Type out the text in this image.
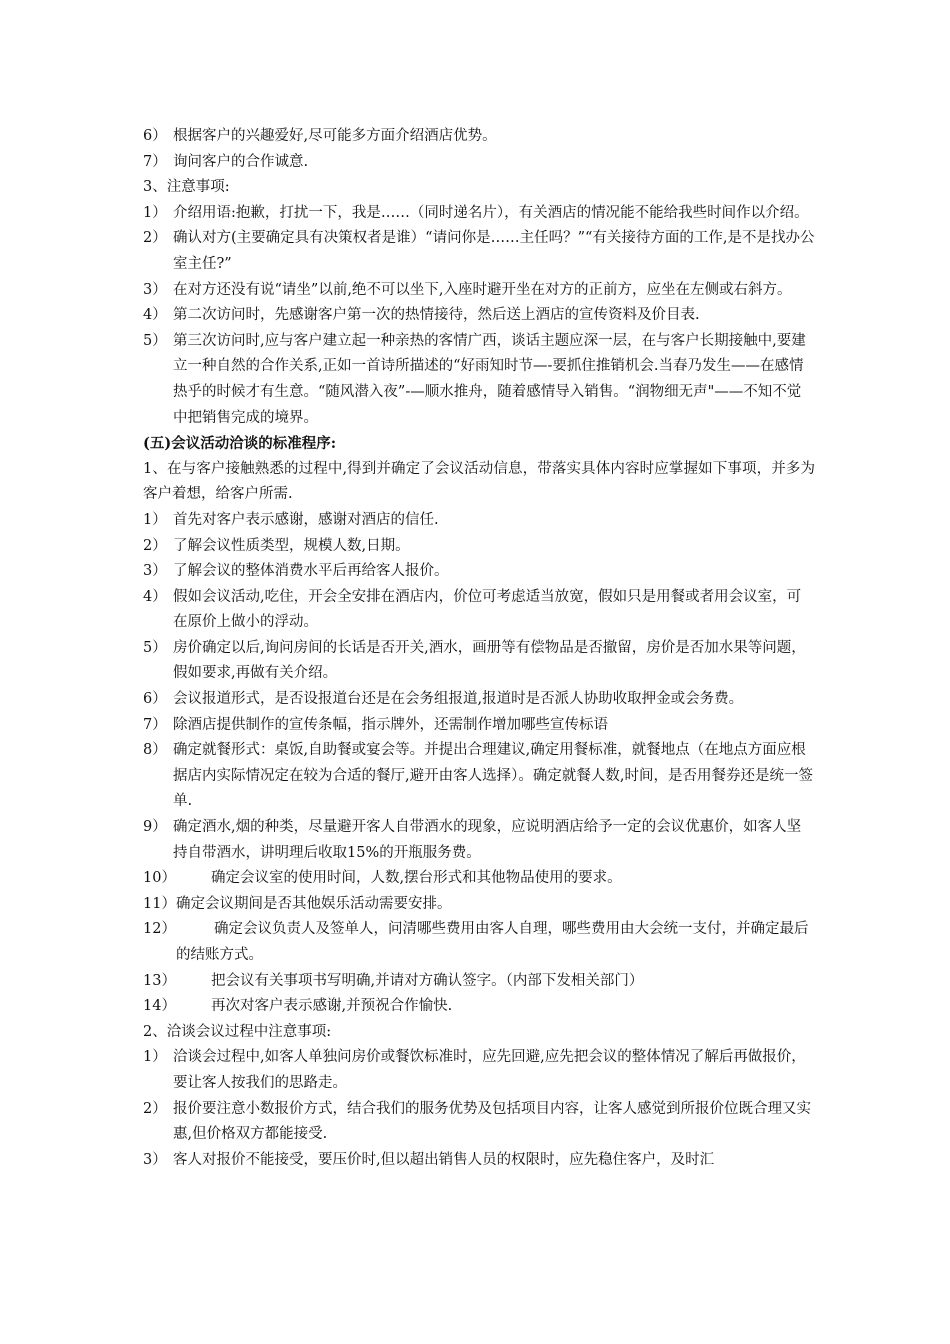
6） 根据客户的兴趣爱好,尽可能多方面介绍酒店优势。
7） 询问客户的合作诚意.
3、注意事项:
1） 介绍用语:抱歉，打扰一下，我是……（同时递名片），有关酒店的情况能不能给我些时间作以介绍。
2） 确认对方(主要确定具有决策权者是谁）“请问你是……主任吗？”“有关接待方面的工作,是不是找办公室主任?”
3） 在对方还没有说“请坐”以前,绝不可以坐下,入座时避开坐在对方的正前方，应坐在左侧或右斜方。
4） 第二次访问时，先感谢客户第一次的热情接待，然后送上酒店的宣传资料及价目表.
5） 第三次访问时,应与客户建立起一种亲热的客情广西，谈话主题应深一层，在与客户长期接触中,要建立一种自然的合作关系,正如一首诗所描述的“好雨知时节—-要抓住推销机会.当春乃发生——在感情热乎的时候才有生意。“随风潜入夜”-—顺水推舟，随着感情导入销售。“润物细无声"——不知不觉中把销售完成的境界。
(五)会议活动洽谈的标准程序:
1、在与客户接触熟悉的过程中,得到并确定了会议活动信息，带落实具体内容时应掌握如下事项，并多为客户着想，给客户所需.
1） 首先对客户表示感谢，感谢对酒店的信任.
2） 了解会议性质类型，规模人数,日期。
3） 了解会议的整体消费水平后再给客人报价。
4） 假如会议活动,吃住，开会全安排在酒店内，价位可考虑适当放宽，假如只是用餐或者用会议室，可在原价上做小的浮动。
5） 房价确定以后,询问房间的长话是否开关,酒水，画册等有偿物品是否撤留，房价是否加水果等问题，假如要求,再做有关介绍。
6） 会议报道形式，是否设报道台还是在会务组报道,报道时是否派人协助收取押金或会务费。
7） 除酒店提供制作的宣传条幅，指示牌外，还需制作增加哪些宣传标语
8） 确定就餐形式：桌饭,自助餐或宴会等。并提出合理建议,确定用餐标准，就餐地点（在地点方面应根据店内实际情况定在较为合适的餐厅,避开由客人选择）。确定就餐人数,时间，是否用餐券还是统一签单.
9） 确定酒水,烟的种类，尽量避开客人自带酒水的现象，应说明酒店给予一定的会议优惠价，如客人坚持自带酒水，讲明理后收取15%的开瓶服务费。
10）	确定会议室的使用时间，人数,摆台形式和其他物品使用的要求。
11） 确定会议期间是否其他娱乐活动需要安排。
12）	确定会议负责人及签单人，问清哪些费用由客人自理，哪些费用由大会统一支付，并确定最后的结账方式。
13）	把会议有关事项书写明确,并请对方确认签字。（内部下发相关部门）
14）	再次对客户表示感谢,并预祝合作愉快.
2、洽谈会议过程中注意事项:
1） 洽谈会过程中,如客人单独问房价或餐饮标准时，应先回避,应先把会议的整体情况了解后再做报价，要让客人按我们的思路走。
2） 报价要注意小数报价方式，结合我们的服务优势及包括项目内容，让客人感觉到所报价位既合理又实惠,但价格双方都能接受.
3） 客人对报价不能接受，要压价时,但以超出销售人员的权限时，应先稳住客户，及时汇
